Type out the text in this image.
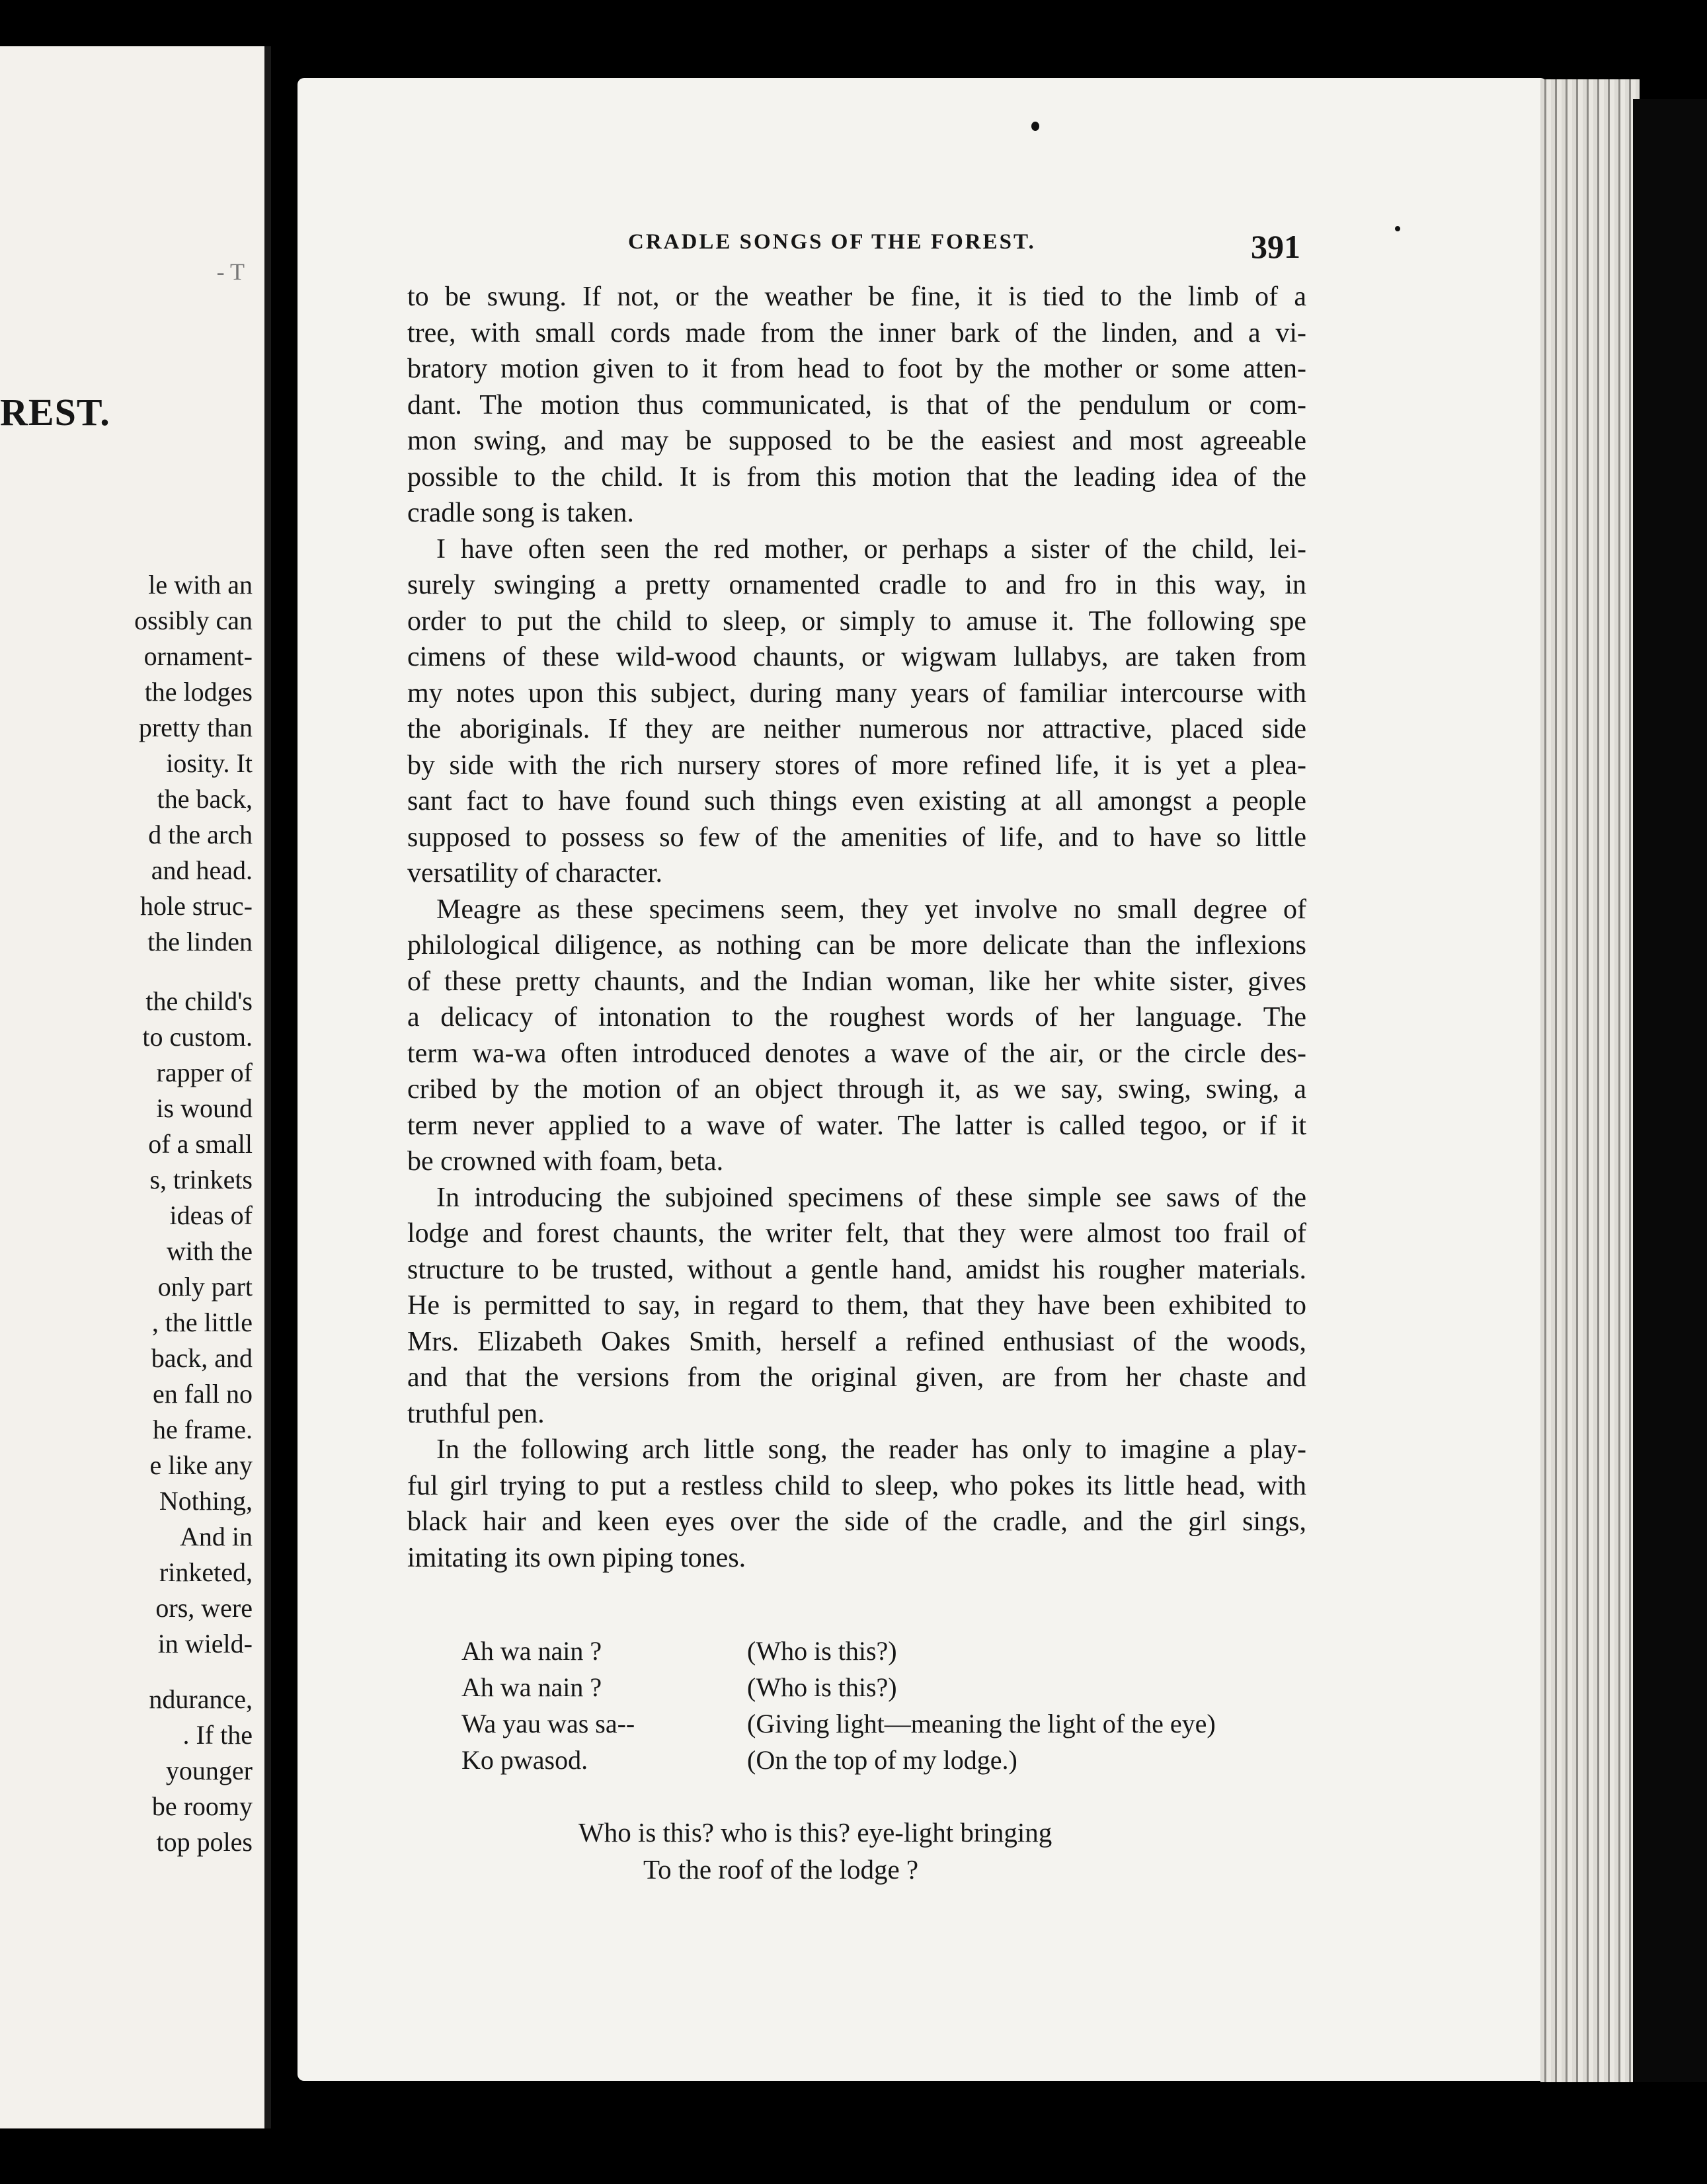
REST.
- T
le with an
ossibly can
ornament-
the lodges
pretty than
iosity. It
the back,
d the arch
and head.
hole struc-
the linden
the child's
to custom.
rapper of
is wound
of a small
s, trinkets
ideas of
with the
only part
, the little
back, and
en fall no
he frame.
e like any
Nothing,
And in
rinketed,
ors, were
in wield-
ndurance,
. If the
younger
be roomy
top poles
CRADLE SONGS OF THE FOREST.	391
to be swung. If not, or the weather be fine, it is tied to the limb of a
tree, with small cords made from the inner bark of the linden, and a vi-
bratory motion given to it from head to foot by the mother or some atten-
dant. The motion thus communicated, is that of the pendulum or com-
mon swing, and may be supposed to be the easiest and most agreeable
possible to the child. It is from this motion that the leading idea of the
cradle song is taken.
I have often seen the red mother, or perhaps a sister of the child, lei-
surely swinging a pretty ornamented cradle to and fro in this way, in
order to put the child to sleep, or simply to amuse it. The following spe
cimens of these wild-wood chaunts, or wigwam lullabys, are taken from
my notes upon this subject, during many years of familiar intercourse with
the aboriginals. If they are neither numerous nor attractive, placed side
by side with the rich nursery stores of more refined life, it is yet a plea-
sant fact to have found such things even existing at all amongst a people
supposed to possess so few of the amenities of life, and to have so little
versatility of character.
Meagre as these specimens seem, they yet involve no small degree of
philological diligence, as nothing can be more delicate than the inflexions
of these pretty chaunts, and the Indian woman, like her white sister, gives
a delicacy of intonation to the roughest words of her language. The
term wa-wa often introduced denotes a wave of the air, or the circle des-
cribed by the motion of an object through it, as we say, swing, swing, a
term never applied to a wave of water. The latter is called tegoo, or if it
be crowned with foam, beta.
In introducing the subjoined specimens of these simple see saws of the
lodge and forest chaunts, the writer felt, that they were almost too frail of
structure to be trusted, without a gentle hand, amidst his rougher materials.
He is permitted to say, in regard to them, that they have been exhibited to
Mrs. Elizabeth Oakes Smith, herself a refined enthusiast of the woods,
and that the versions from the original given, are from her chaste and
truthful pen.
In the following arch little song, the reader has only to imagine a play-
ful girl trying to put a restless child to sleep, who pokes its little head, with
black hair and keen eyes over the side of the cradle, and the girl sings,
imitating its own piping tones.
Ah wa nain ?	(Who is this?)
Ah wa nain ?	(Who is this?)
Wa yau was sa--	(Giving light—meaning the light of the eye)
Ko pwasod.	(On the top of my lodge.)
Who is this? who is this? eye-light bringing
To the roof of the lodge ?
